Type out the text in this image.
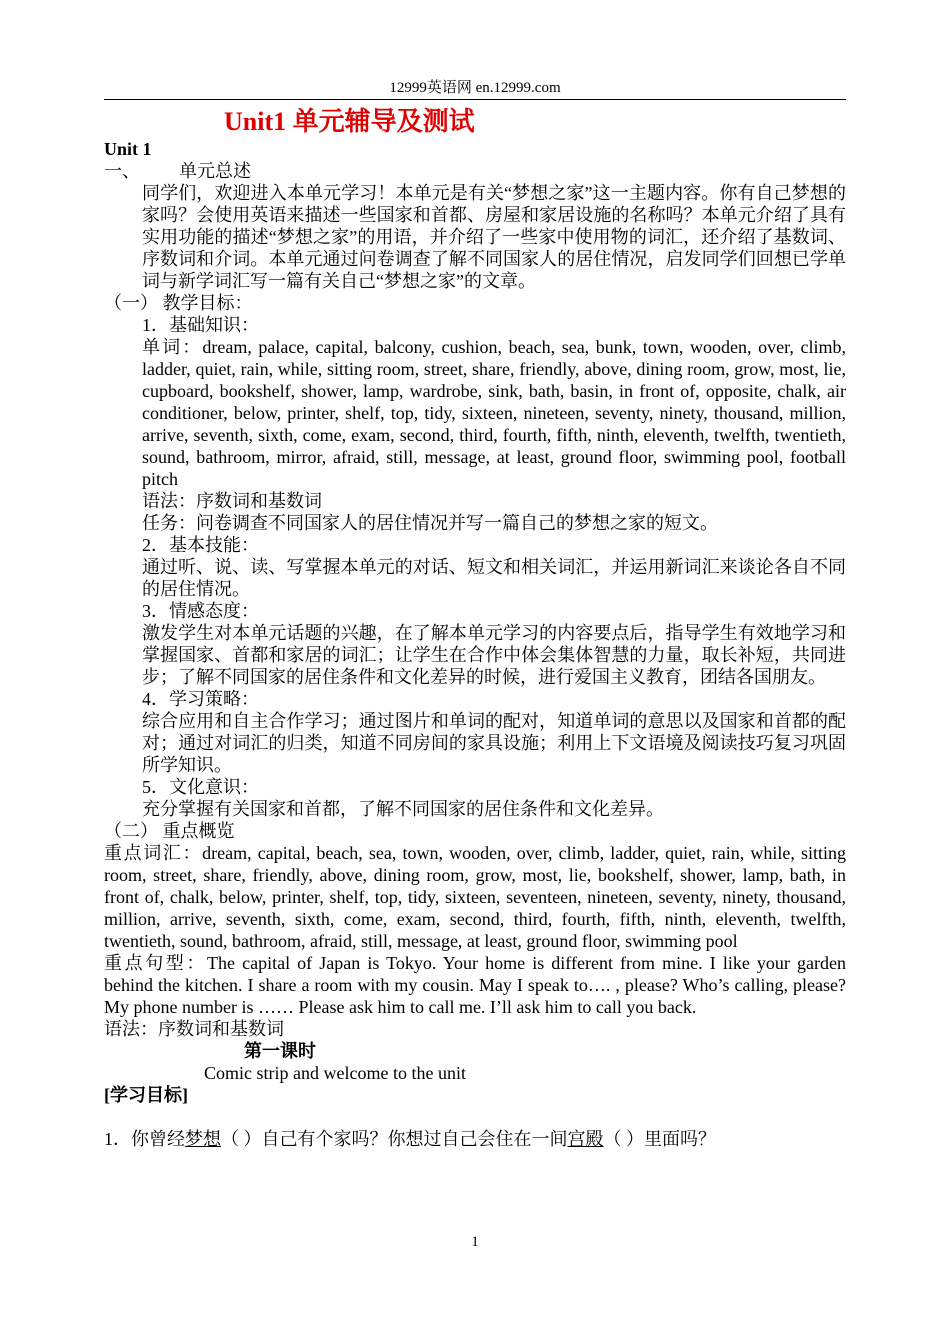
12999英语网 en.12999.com
Unit1 单元辅导及测试

Unit 1

一、 单元总述

同学们，欢迎进入本单元学习！本单元是有关“梦想之家”这一主题内容。你有自己梦想的家吗？会使用英语来描述一些国家和首都、房屋和家居设施的名称吗？本单元介绍了具有实用功能的描述“梦想之家”的用语，并介绍了一些家中使用物的词汇，还介绍了基数词、序数词和介词。本单元通过问卷调查了解不同国家人的居住情况，启发同学们回想已学单词与新学词汇写一篇有关自己“梦想之家”的文章。

（一） 教学目标：

1．基础知识：

单词：dream, palace, capital, balcony, cushion, beach, sea, bunk, town, wooden, over, climb, ladder, quiet, rain, while, sitting room, street, share, friendly, above, dining room, grow, most, lie, cupboard, bookshelf, shower, lamp, wardrobe, sink, bath, basin, in front of, opposite, chalk, air conditioner, below, printer, shelf, top, tidy, sixteen, nineteen, seventy, ninety, thousand, million, arrive, seventh, sixth, come, exam, second, third, fourth, fifth, ninth, eleventh, twelfth, twentieth, sound, bathroom, mirror, afraid, still, message, at least, ground floor, swimming pool, football pitch

语法：序数词和基数词

任务：问卷调查不同国家人的居住情况并写一篇自己的梦想之家的短文。

2．基本技能：

通过听、说、读、写掌握本单元的对话、短文和相关词汇，并运用新词汇来谈论各自不同的居住情况。

3．情感态度：

激发学生对本单元话题的兴趣，在了解本单元学习的内容要点后，指导学生有效地学习和掌握国家、首都和家居的词汇；让学生在合作中体会集体智慧的力量，取长补短，共同进步；了解不同国家的居住条件和文化差异的时候，进行爱国主义教育，团结各国朋友。

4．学习策略：

综合应用和自主合作学习；通过图片和单词的配对，知道单词的意思以及国家和首都的配对；通过对词汇的归类，知道不同房间的家具设施；利用上下文语境及阅读技巧复习巩固所学知识。

5．文化意识：

充分掌握有关国家和首都，了解不同国家的居住条件和文化差异。

（二） 重点概览

重点词汇：dream, capital, beach, sea, town, wooden, over, climb, ladder, quiet, rain, while, sitting room, street, share, friendly, above, dining room, grow, most, lie, bookshelf, shower, lamp, bath, in front of, chalk, below, printer, shelf, top, tidy, sixteen, seventeen, nineteen, seventy, ninety, thousand, million, arrive, seventh, sixth, come, exam, second, third, fourth, fifth, ninth, eleventh, twelfth, twentieth, sound, bathroom, afraid, still, message, at least, ground floor, swimming pool

重点句型：The capital of Japan is Tokyo. Your home is different from mine. I like your garden behind the kitchen. I share a room with my cousin. May I speak to…. , please? Who’s calling, please? My phone number is …… Please ask him to call me. I’ll ask him to call you back.

语法：序数词和基数词

第一课时

Comic strip and welcome to the unit

[学习目标]

1．你曾经梦想（ ）自己有个家吗？你想过自己会住在一间宫殿（ ）里面吗？

1
